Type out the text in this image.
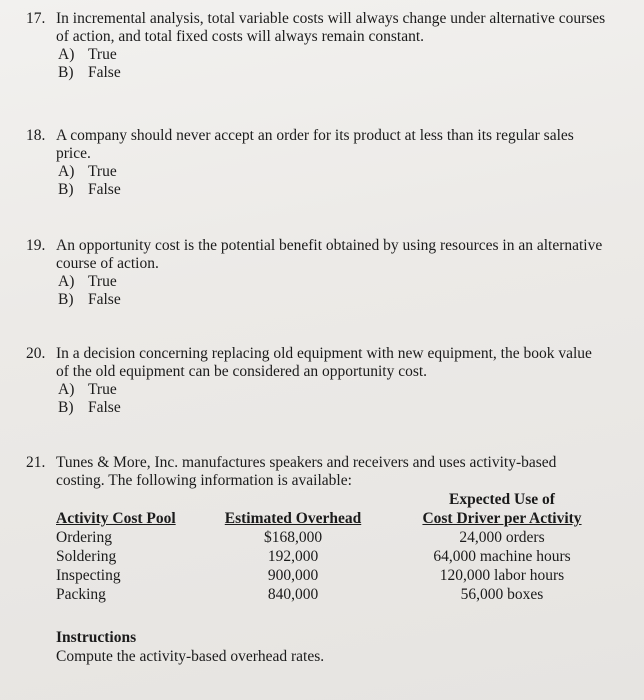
17. In incremental analysis, total variable costs will always change under alternative courses
of action, and total fixed costs will always remain constant.
A) True
B) False
18. A company should never accept an order for its product at less than its regular sales
price.
A) True
B) False
19. An opportunity cost is the potential benefit obtained by using resources in an alternative
course of action.
A) True
B) False
20. In a decision concerning replacing old equipment with new equipment, the book value
of the old equipment can be considered an opportunity cost.
A) True
B) False
21. Tunes & More, Inc. manufactures speakers and receivers and uses activity-based
costing. The following information is available:
Activity Cost Pool
Ordering
Soldering
Inspecting
Packing
Estimated Overhead
$168,000
192,000
900,000
840,000
Expected Use of
Cost Driver per Activity
24,000 orders
64,000 machine hours
120,000 labor hours
56,000 boxes
Instructions
Compute the activity-based overhead rates.
